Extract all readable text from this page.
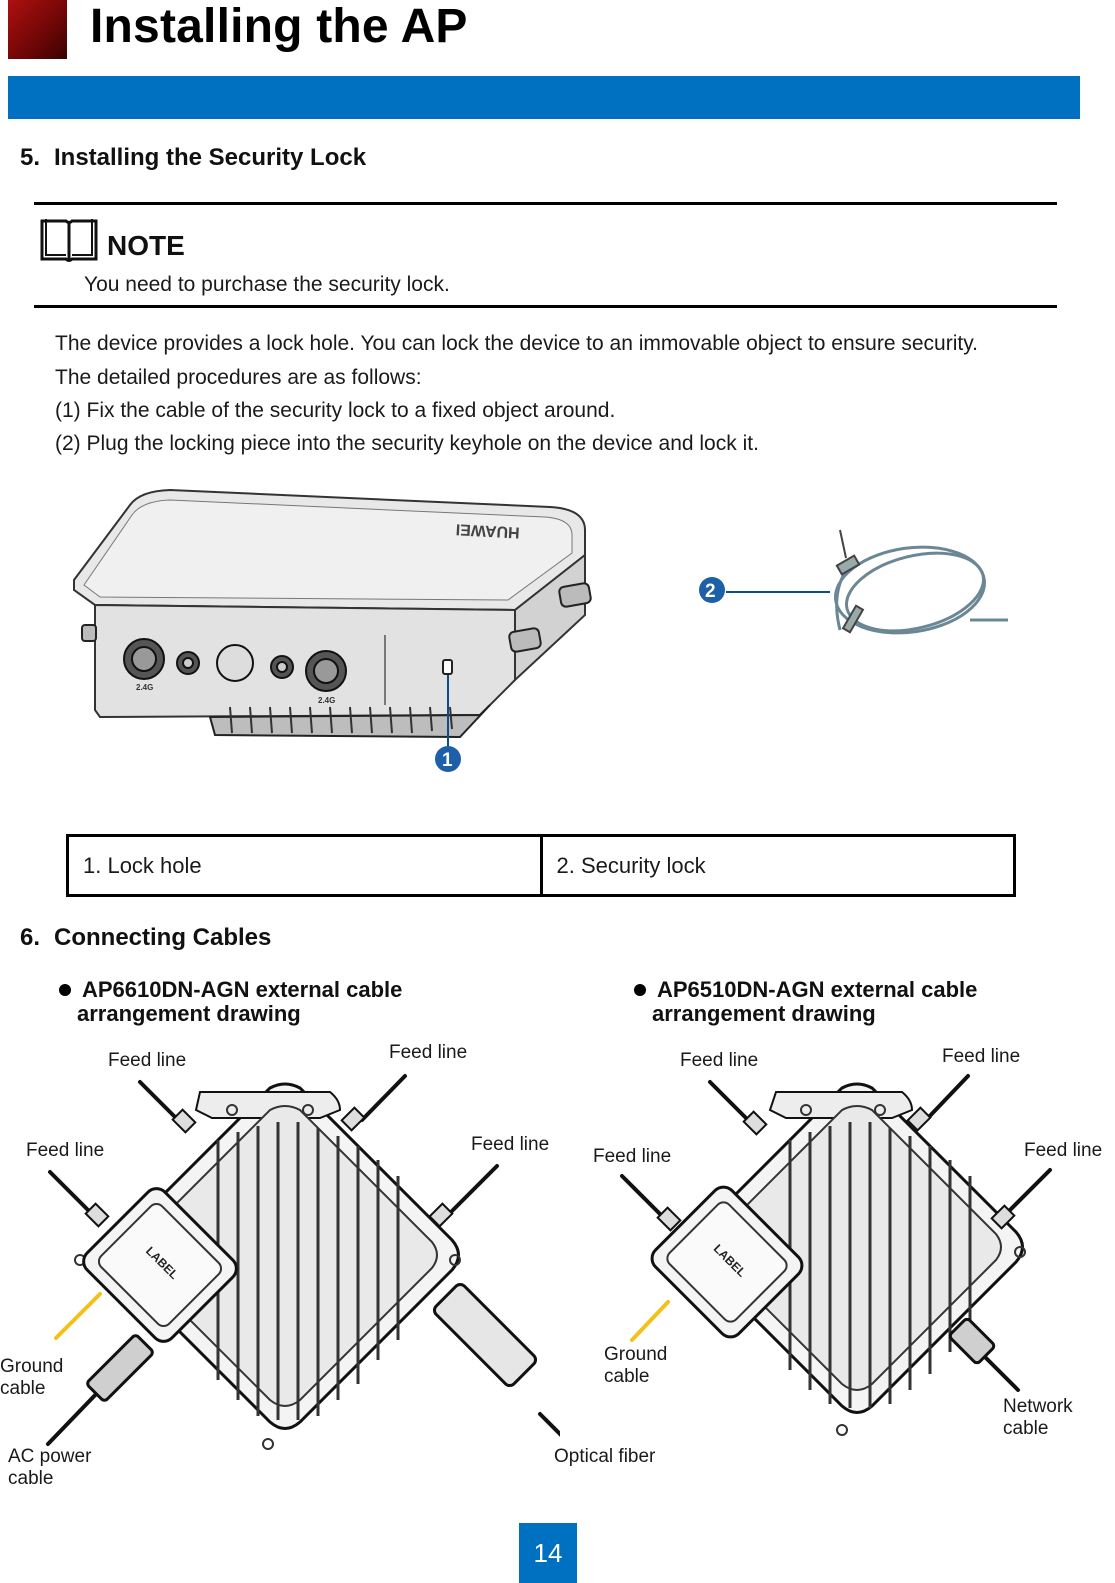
Installing the AP
5. Installing the Security Lock
NOTE
You need to purchase the security lock.
The device provides a lock hole. You can lock the device to an immovable object to ensure security.
The detailed procedures are as follows:
(1) Fix the cable of the security lock to a fixed object around.
(2) Plug the locking piece into the security keyhole on the device and lock it.
HUAWEI
2.4G
2.4G
1
2
1. Lock hole	2. Security lock
6. Connecting Cables
AP6610DN-AGN external cable
arrangement drawing
AP6510DN-AGN external cable
arrangement drawing
LABEL
Feed line	Feed line
Feed line	Feed line
Ground
cable
AC power
cable
Optical fiber
LABEL
Feed line	Feed line
Feed line	Feed line
Ground
cable
Network
cable
14
